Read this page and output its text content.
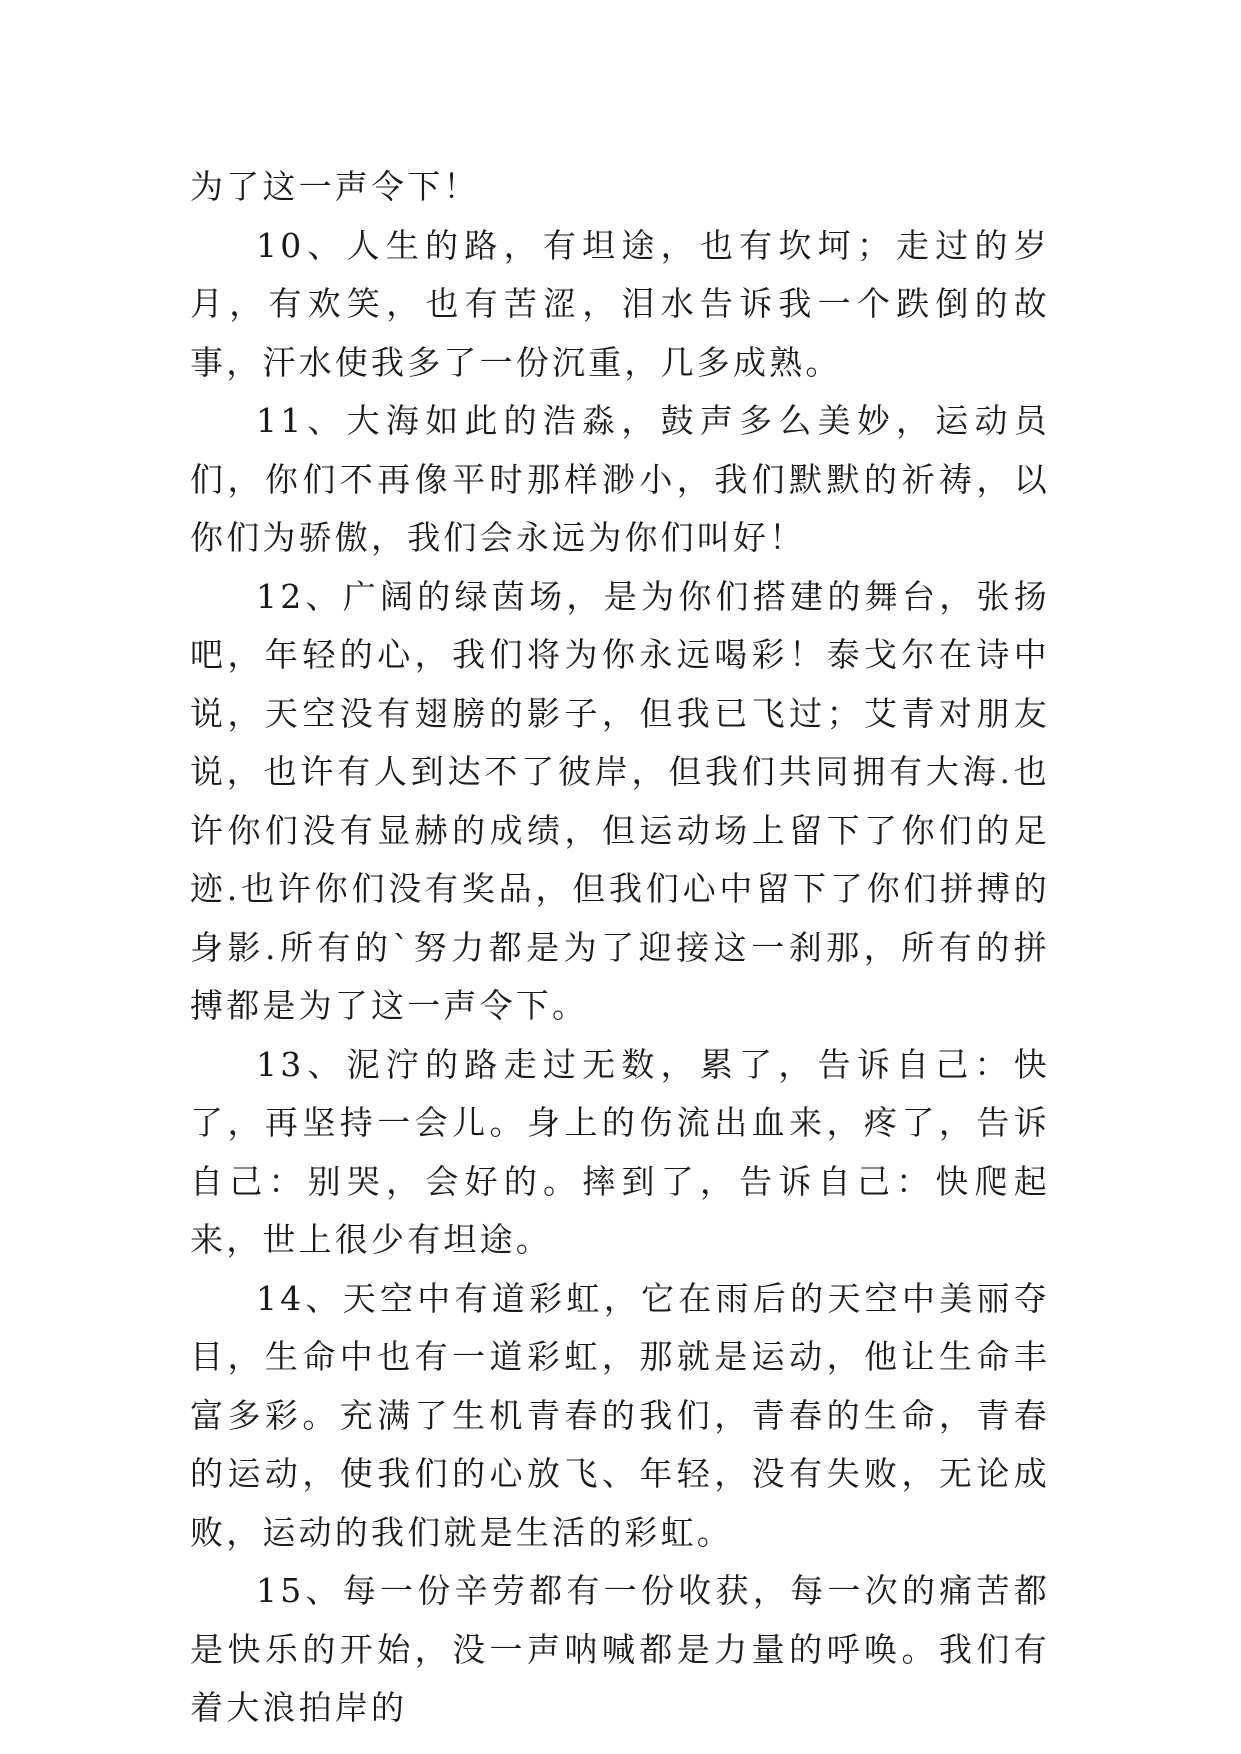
为了这一声令下！

10、人生的路，有坦途，也有坎坷；走过的岁月，有欢笑，也有苦涩，泪水告诉我一个跌倒的故事，汗水使我多了一份沉重，几多成熟。

11、大海如此的浩淼，鼓声多么美妙，运动员们，你们不再像平时那样渺小，我们默默的祈祷，以你们为骄傲，我们会永远为你们叫好！

12、广阔的绿茵场，是为你们搭建的舞台，张扬吧，年轻的心，我们将为你永远喝彩！泰戈尔在诗中说，天空没有翅膀的影子，但我已飞过；艾青对朋友说，也许有人到达不了彼岸，但我们共同拥有大海.也许你们没有显赫的成绩，但运动场上留下了你们的足迹.也许你们没有奖品，但我们心中留下了你们拼搏的身影.所有的`努力都是为了迎接这一刹那，所有的拼搏都是为了这一声令下。

13、泥泞的路走过无数，累了，告诉自己：快了，再坚持一会儿。身上的伤流出血来，疼了，告诉自己：别哭，会好的。摔到了，告诉自己：快爬起来，世上很少有坦途。

14、天空中有道彩虹，它在雨后的天空中美丽夺目，生命中也有一道彩虹，那就是运动，他让生命丰富多彩。充满了生机青春的我们，青春的生命，青春的运动，使我们的心放飞、年轻，没有失败，无论成败，运动的我们就是生活的彩虹。

15、每一份辛劳都有一份收获，每一次的痛苦都是快乐的开始，没一声呐喊都是力量的呼唤。我们有着大浪拍岸的
